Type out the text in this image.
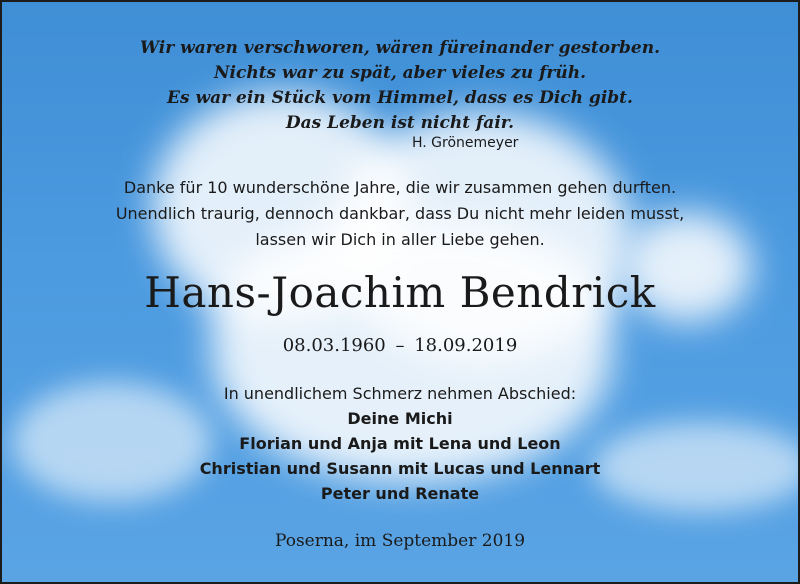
Wir waren verschworen, wären füreinander gestorben.
Nichts war zu spät, aber vieles zu früh.
Es war ein Stück vom Himmel, dass es Dich gibt.
Das Leben ist nicht fair.

H. Grönemeyer
Danke für 10 wunderschöne Jahre, die wir zusammen gehen durften.
Unendlich traurig, dennoch dankbar, dass Du nicht mehr leiden musst,
lassen wir Dich in aller Liebe gehen.
Hans-Joachim Bendrick
08.03.1960 – 18.09.2019
In unendlichem Schmerz nehmen Abschied:
Deine Michi
Florian und Anja mit Lena und Leon
Christian und Susann mit Lucas und Lennart
Peter und Renate
Poserna, im September 2019
